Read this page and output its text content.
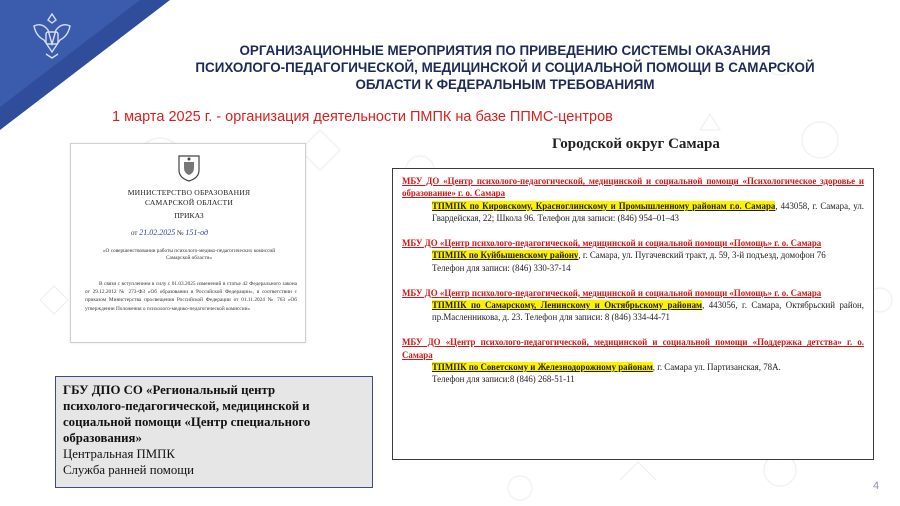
ОРГАНИЗАЦИОННЫЕ МЕРОПРИЯТИЯ ПО ПРИВЕДЕНИЮ СИСТЕМЫ ОКАЗАНИЯ
ПСИХОЛОГО-ПЕДАГОГИЧЕСКОЙ, МЕДИЦИНСКОЙ И СОЦИАЛЬНОЙ ПОМОЩИ В САМАРСКОЙ
ОБЛАСТИ К ФЕДЕРАЛЬНЫМ ТРЕБОВАНИЯМ
1 марта 2025 г. - организация деятельности ПМПК на базе ППМС-центров
Городской округ Самара
МИНИСТЕРСТВО ОБРАЗОВАНИЯ
САМАРСКОЙ ОБЛАСТИ
ПРИКАЗ
от 21.02.2025 № 151-од
«О совершенствовании работы психолого-медико-педагогических комиссий Самарской области»
В связи с вступлением в силу с 01.03.2025 изменений в статье 42 Федерального закона от 29.12.2012 № 273-ФЗ «Об образовании в Российской Федерации», в соответствии с приказом Министерства просвещения Российской Федерации от 01.11.2024 № 763 «Об утверждении Положения о психолого-медико-педагогической комиссии»
ГБУ ДПО СО «Региональный центр
психолого-педагогической, медицинской и
социальной помощи «Центр специального
образования»
Центральная ПМПК
Служба ранней помощи
МБУ ДО «Центр психолого-педагогической, медицинской и социальной помощи «Психологическое здоровье и образование» г. о. Самара
ТПМПК по Кировскому, Красноглинскому и Промышленному районам г.о. Самара, 443058, г. Самара, ул. Гвардейская, 22; Школа 96. Телефон для записи: (846) 954–01–43
МБУ ДО «Центр психолого-педагогической, медицинской и социальной помощи «Помощь» г. о. Самара
ТПМПК по Куйбышевскому району, г. Самара, ул. Пугачевский тракт, д. 59, 3-й подъезд, домофон 76
Телефон для записи: (846) 330-37-14
МБУ ДО «Центр психолого-педагогической, медицинской и социальной помощи «Помощь» г. о. Самара
ТПМПК по Самарскому, Ленинскому и Октябрьскому районам, 443056, г. Самара, Октябрьский район, пр.Масленникова, д. 23. Телефон для записи: 8 (846) 334-44-71
МБУ ДО «Центр психолого-педагогической, медицинской и социальной помощи «Поддержка детства» г. о. Самара
ТПМПК по Советскому и Железнодорожному районам, г. Самара ул. Партизанская, 78А.
Телефон для записи:8 (846) 268-51-11
4
